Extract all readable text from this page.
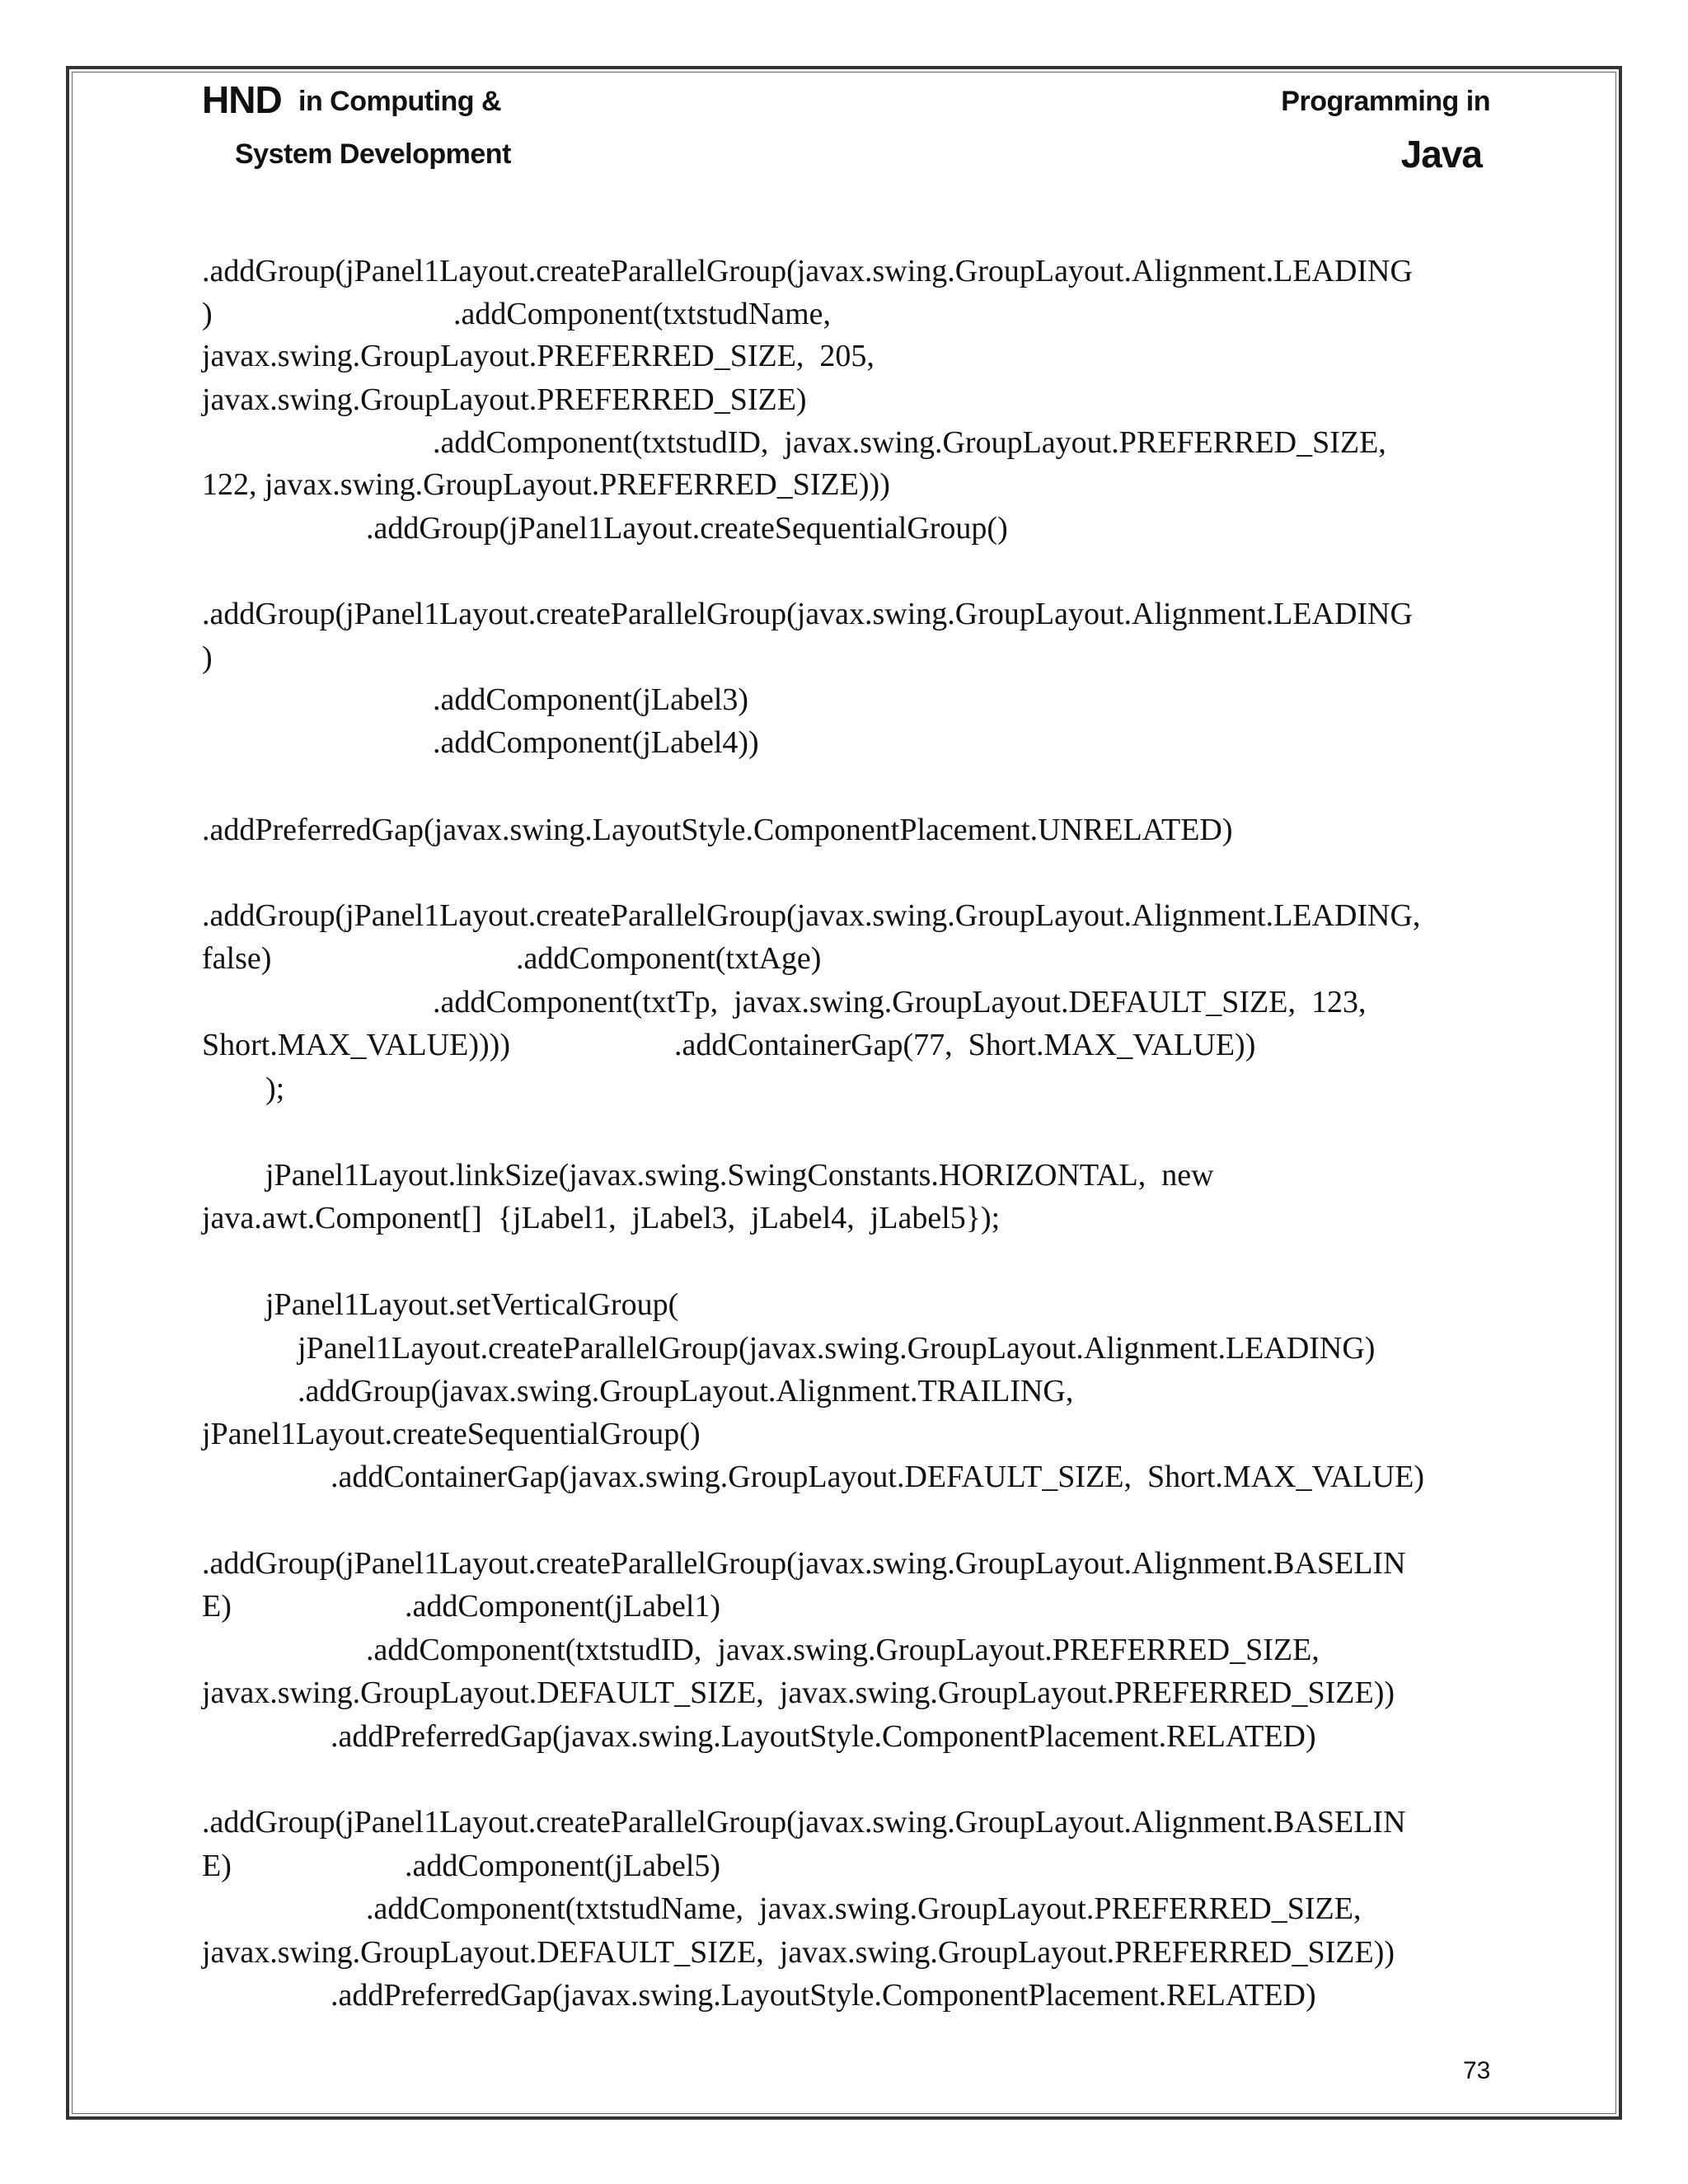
HND in Computing &
System Development
Programming in
Java
.addGroup(jPanel1Layout.createParallelGroup(javax.swing.GroupLayout.Alignment.LEADING
)	.addComponent(txtstudName,
javax.swing.GroupLayout.PREFERRED_SIZE,  205,
javax.swing.GroupLayout.PREFERRED_SIZE)
.addComponent(txtstudID,  javax.swing.GroupLayout.PREFERRED_SIZE,
122, javax.swing.GroupLayout.PREFERRED_SIZE)))
.addGroup(jPanel1Layout.createSequentialGroup()
.addGroup(jPanel1Layout.createParallelGroup(javax.swing.GroupLayout.Alignment.LEADING
)
.addComponent(jLabel3)
.addComponent(jLabel4))
.addPreferredGap(javax.swing.LayoutStyle.ComponentPlacement.UNRELATED)
.addGroup(jPanel1Layout.createParallelGroup(javax.swing.GroupLayout.Alignment.LEADING,
false)	.addComponent(txtAge)
.addComponent(txtTp,  javax.swing.GroupLayout.DEFAULT_SIZE,  123,
Short.MAX_VALUE))))	.addContainerGap(77,  Short.MAX_VALUE))
);
jPanel1Layout.linkSize(javax.swing.SwingConstants.HORIZONTAL,  new
java.awt.Component[]  {jLabel1,  jLabel3,  jLabel4,  jLabel5});
jPanel1Layout.setVerticalGroup(
jPanel1Layout.createParallelGroup(javax.swing.GroupLayout.Alignment.LEADING)
.addGroup(javax.swing.GroupLayout.Alignment.TRAILING,
jPanel1Layout.createSequentialGroup()
.addContainerGap(javax.swing.GroupLayout.DEFAULT_SIZE,  Short.MAX_VALUE)
.addGroup(jPanel1Layout.createParallelGroup(javax.swing.GroupLayout.Alignment.BASELIN
E)	.addComponent(jLabel1)
.addComponent(txtstudID,  javax.swing.GroupLayout.PREFERRED_SIZE,
javax.swing.GroupLayout.DEFAULT_SIZE,  javax.swing.GroupLayout.PREFERRED_SIZE))
.addPreferredGap(javax.swing.LayoutStyle.ComponentPlacement.RELATED)
.addGroup(jPanel1Layout.createParallelGroup(javax.swing.GroupLayout.Alignment.BASELIN
E)	.addComponent(jLabel5)
.addComponent(txtstudName,  javax.swing.GroupLayout.PREFERRED_SIZE,
javax.swing.GroupLayout.DEFAULT_SIZE,  javax.swing.GroupLayout.PREFERRED_SIZE))
.addPreferredGap(javax.swing.LayoutStyle.ComponentPlacement.RELATED)
73
